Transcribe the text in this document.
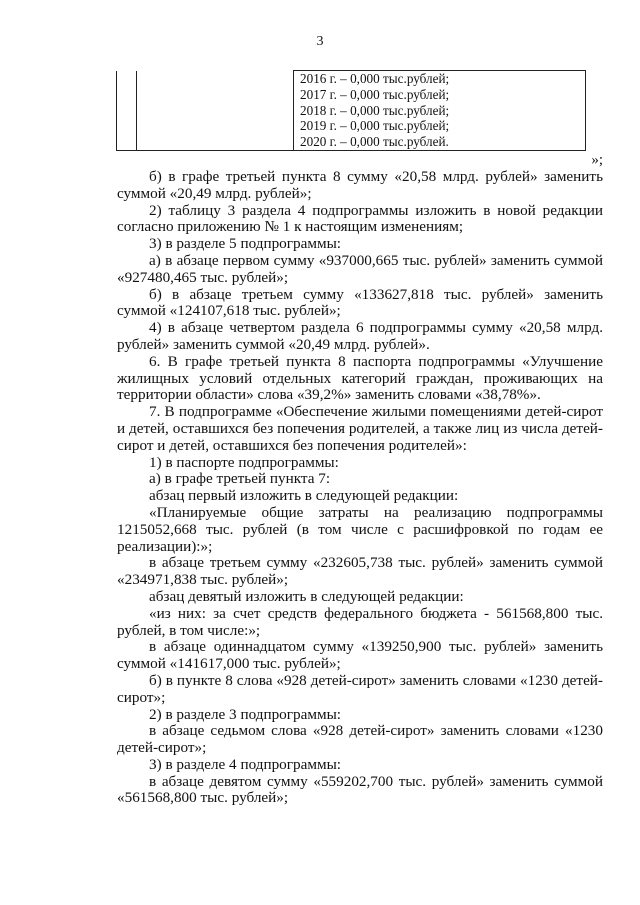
3

2016 г. – 0,000 тыс.рублей;
2017 г. – 0,000 тыс.рублей;
2018 г. – 0,000 тыс.рублей;
2019 г. – 0,000 тыс.рублей;
2020 г. – 0,000 тыс.рублей.
»;

б) в графе третьей пункта 8 сумму «20,58 млрд. рублей» заменить суммой «20,49 млрд. рублей»;

2) таблицу 3 раздела 4 подпрограммы изложить в новой редакции согласно приложению № 1 к настоящим изменениям;

3) в разделе 5 подпрограммы:

а) в абзаце первом сумму «937000,665 тыс. рублей» заменить суммой «927480,465 тыс. рублей»;

б) в абзаце третьем сумму «133627,818 тыс. рублей» заменить суммой «124107,618 тыс. рублей»;

4) в абзаце четвертом раздела 6 подпрограммы сумму «20,58 млрд. рублей» заменить суммой «20,49 млрд. рублей».

6. В графе третьей пункта 8 паспорта подпрограммы «Улучшение жилищных условий отдельных категорий граждан, проживающих на территории области» слова «39,2%» заменить словами «38,78%».

7. В подпрограмме «Обеспечение жилыми помещениями детей-сирот и детей, оставшихся без попечения родителей, а также лиц из числа детей-сирот и детей, оставшихся без попечения родителей»:

1) в паспорте подпрограммы:

а) в графе третьей пункта 7:

абзац первый изложить в следующей редакции:

«Планируемые общие затраты на реализацию подпрограммы 1215052,668 тыс. рублей (в том числе с расшифровкой по годам ее реализации):»;

в абзаце третьем сумму «232605,738 тыс. рублей» заменить суммой «234971,838 тыс. рублей»;

абзац девятый изложить в следующей редакции:

«из них: за счет средств федерального бюджета - 561568,800 тыс. рублей, в том числе:»;

в абзаце одиннадцатом сумму «139250,900 тыс. рублей» заменить суммой «141617,000 тыс. рублей»;

б) в пункте 8 слова «928 детей-сирот» заменить словами «1230 детей-сирот»;

2) в разделе 3 подпрограммы:

в абзаце седьмом слова «928 детей-сирот» заменить словами «1230 детей-сирот»;

3) в разделе 4 подпрограммы:

в абзаце девятом сумму «559202,700 тыс. рублей» заменить суммой «561568,800 тыс. рублей»;
